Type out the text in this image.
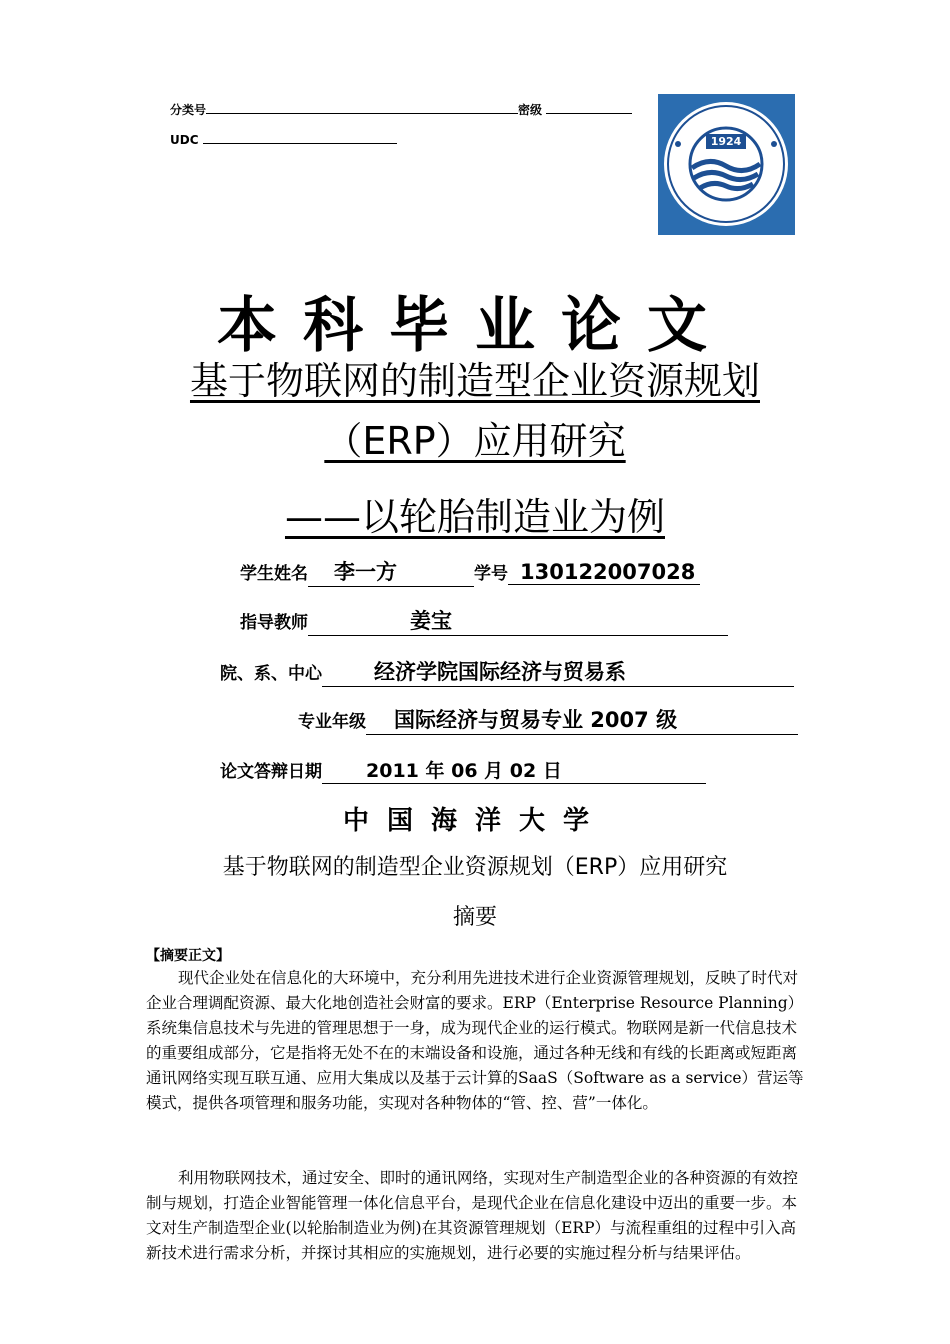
分类号	密级
UDC	1924
本科毕业论文
基于物联网的制造型企业资源规划
（ERP）应用研究
——以轮胎制造业为例
学生姓名 李一方	学号 130122007028
指导教师	姜宝
院、系、中心 经济学院国际经济与贸易系
专业年级 国际经济与贸易专业 2007 级
论文答辩日期 2011 年 06 月 02 日
中国海洋大学
基于物联网的制造型企业资源规划（ERP）应用研究
摘要
【摘要正文】
现代企业处在信息化的大环境中，充分利用先进技术进行企业资源管理规划，反映了时代对企业合理调配资源、最大化地创造社会财富的要求。ERP（Enterprise Resource Planning）系统集信息技术与先进的管理思想于一身，成为现代企业的运行模式。物联网是新一代信息技术的重要组成部分，它是指将无处不在的末端设备和设施，通过各种无线和有线的长距离或短距离通讯网络实现互联互通、应用大集成以及基于云计算的SaaS（Software as a service）营运等模式，提供各项管理和服务功能，实现对各种物体的“管、控、营”一体化。
利用物联网技术，通过安全、即时的通讯网络，实现对生产制造型企业的各种资源的有效控制与规划，打造企业智能管理一体化信息平台，是现代企业在信息化建设中迈出的重要一步。本文对生产制造型企业(以轮胎制造业为例)在其资源管理规划（ERP）与流程重组的过程中引入高新技术进行需求分析，并探讨其相应的实施规划，进行必要的实施过程分析与结果评估。
